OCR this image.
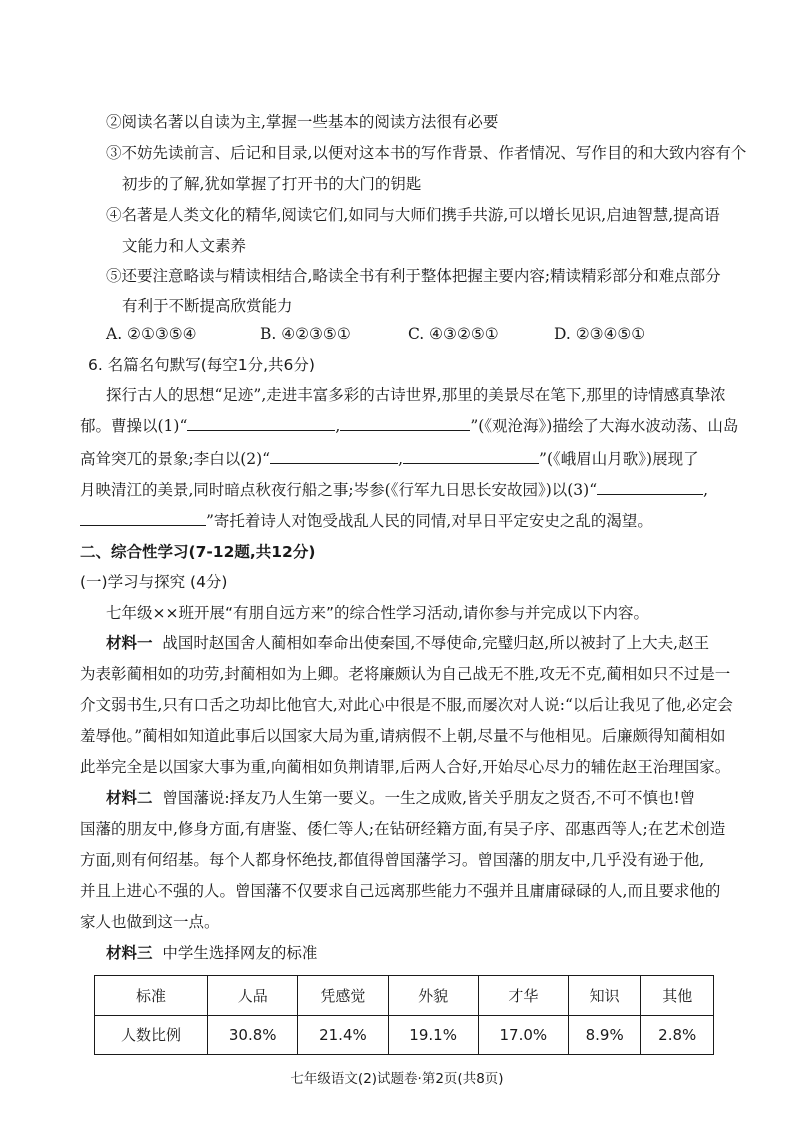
②阅读名著以自读为主,掌握一些基本的阅读方法很有必要
③不妨先读前言、后记和目录,以便对这本书的写作背景、作者情况、写作目的和大致内容有个
初步的了解,犹如掌握了打开书的大门的钥匙
④名著是人类文化的精华,阅读它们,如同与大师们携手共游,可以增长见识,启迪智慧,提高语
文能力和人文素养
⑤还要注意略读与精读相结合,略读全书有利于整体把握主要内容;精读精彩部分和难点部分
有利于不断提高欣赏能力
A. ②①③⑤④	B. ④②③⑤①	C. ④③②⑤①	D. ②③④⑤①
6. 名篇名句默写(每空1分,共6分)
探行古人的思想“足迹”,走进丰富多彩的古诗世界,那里的美景尽在笔下,那里的诗情感真挚浓
郁。曹操以(1)“	,	”(《观沧海》)描绘了大海水波动荡、山岛
高耸突兀的景象;李白以(2)“	,	”(《峨眉山月歌》)展现了
月映清江的美景,同时暗点秋夜行船之事;岑参(《行军九日思长安故园》)以(3)“	,
”寄托着诗人对饱受战乱人民的同情,对早日平定安史之乱的渴望。
二、综合性学习(7-12题,共12分)
(一)学习与探究 (4分)
七年级××班开展“有朋自远方来”的综合性学习活动,请你参与并完成以下内容。
材料一 战国时赵国舍人蔺相如奉命出使秦国,不辱使命,完璧归赵,所以被封了上大夫,赵王
为表彰蔺相如的功劳,封蔺相如为上卿。老将廉颇认为自己战无不胜,攻无不克,蔺相如只不过是一
介文弱书生,只有口舌之功却比他官大,对此心中很是不服,而屡次对人说:“以后让我见了他,必定会
羞辱他。”蔺相如知道此事后以国家大局为重,请病假不上朝,尽量不与他相见。后廉颇得知蔺相如
此举完全是以国家大事为重,向蔺相如负荆请罪,后两人合好,开始尽心尽力的辅佐赵王治理国家。
材料二 曾国藩说:择友乃人生第一要义。一生之成败,皆关乎朋友之贤否,不可不慎也!曾
国藩的朋友中,修身方面,有唐鉴、倭仁等人;在钻研经籍方面,有吴子序、邵惠西等人;在艺术创造
方面,则有何绍基。每个人都身怀绝技,都值得曾国藩学习。曾国藩的朋友中,几乎没有逊于他,
并且上进心不强的人。曾国藩不仅要求自己远离那些能力不强并且庸庸碌碌的人,而且要求他的
家人也做到这一点。
材料三 中学生选择网友的标准
标准	人品	凭感觉	外貌	才华	知识	其他
人数比例	30.8%	21.4%	19.1%	17.0%	8.9%	2.8%
七年级语文(2)试题卷·第2页(共8页)
